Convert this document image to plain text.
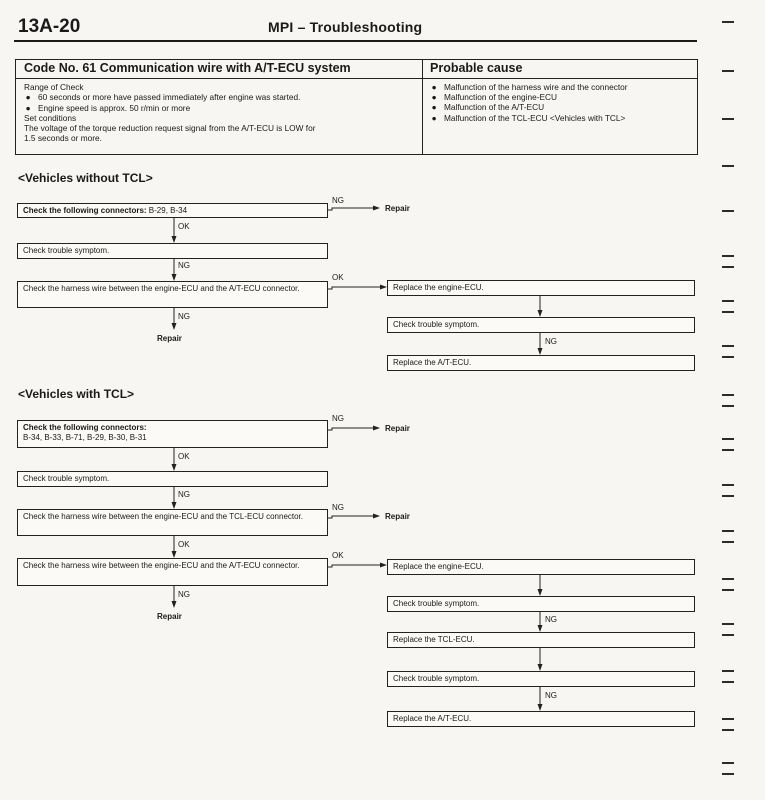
13A-20	MPI – Troubleshooting
Code No. 61 Communication wire with A/T-ECU system	Probable cause
Range of Check
● 60 seconds or more have passed immediately after engine was started.
● Engine speed is approx. 50 r/min or more
Set conditions
The voltage of the torque reduction request signal from the A/T-ECU is LOW for
1.5 seconds or more.
● Malfunction of the harness wire and the connector
● Malfunction of the engine-ECU
● Malfunction of the A/T-ECU
● Malfunction of the TCL-ECU <Vehicles with TCL>
<Vehicles without TCL>
Check the following connectors: B-29, B-34
NG
Repair
OK
Check trouble symptom.
NG
Check the harness wire between the engine-ECU and the A/T-ECU connector.
OK
NG
Repair
Replace the engine-ECU.
Check trouble symptom.
NG
Replace the A/T-ECU.
<Vehicles with TCL>
Check the following connectors:
B-34, B-33, B-71, B-29, B-30, B-31
NG
Repair
OK
Check trouble symptom.
NG
Check the harness wire between the engine-ECU and the TCL-ECU connector.
NG
Repair
OK
Check the harness wire between the engine-ECU and the A/T-ECU connector.
OK
NG
Repair
Replace the engine-ECU.
Check trouble symptom.
NG
Replace the TCL-ECU.
Check trouble symptom.
NG
Replace the A/T-ECU.
